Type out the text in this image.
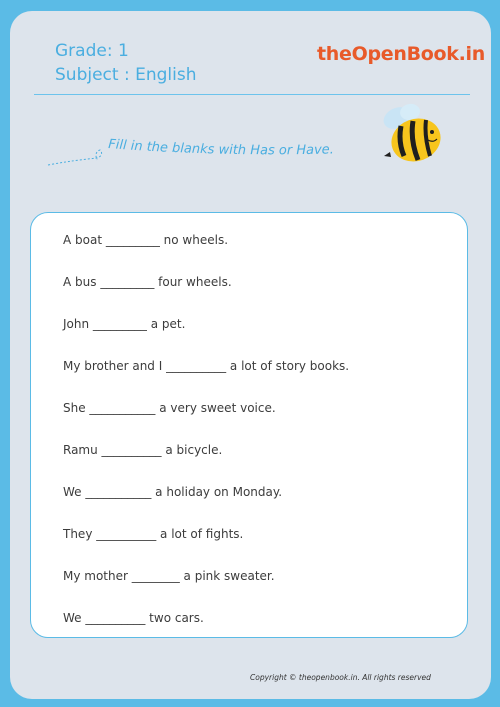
Grade: 1
Subject : English
theOpenBook.in
Fill in the blanks with Has or Have.
A boat _________ no wheels.
A bus _________ four wheels.
John _________ a pet.
My brother and I __________ a lot of story books.
She ___________ a very sweet voice.
Ramu __________ a bicycle.
We ___________ a holiday on Monday.
They __________ a lot of fights.
My mother ________ a pink sweater.
We __________ two cars.
Copyright © theopenbook.in. All rights reserved
